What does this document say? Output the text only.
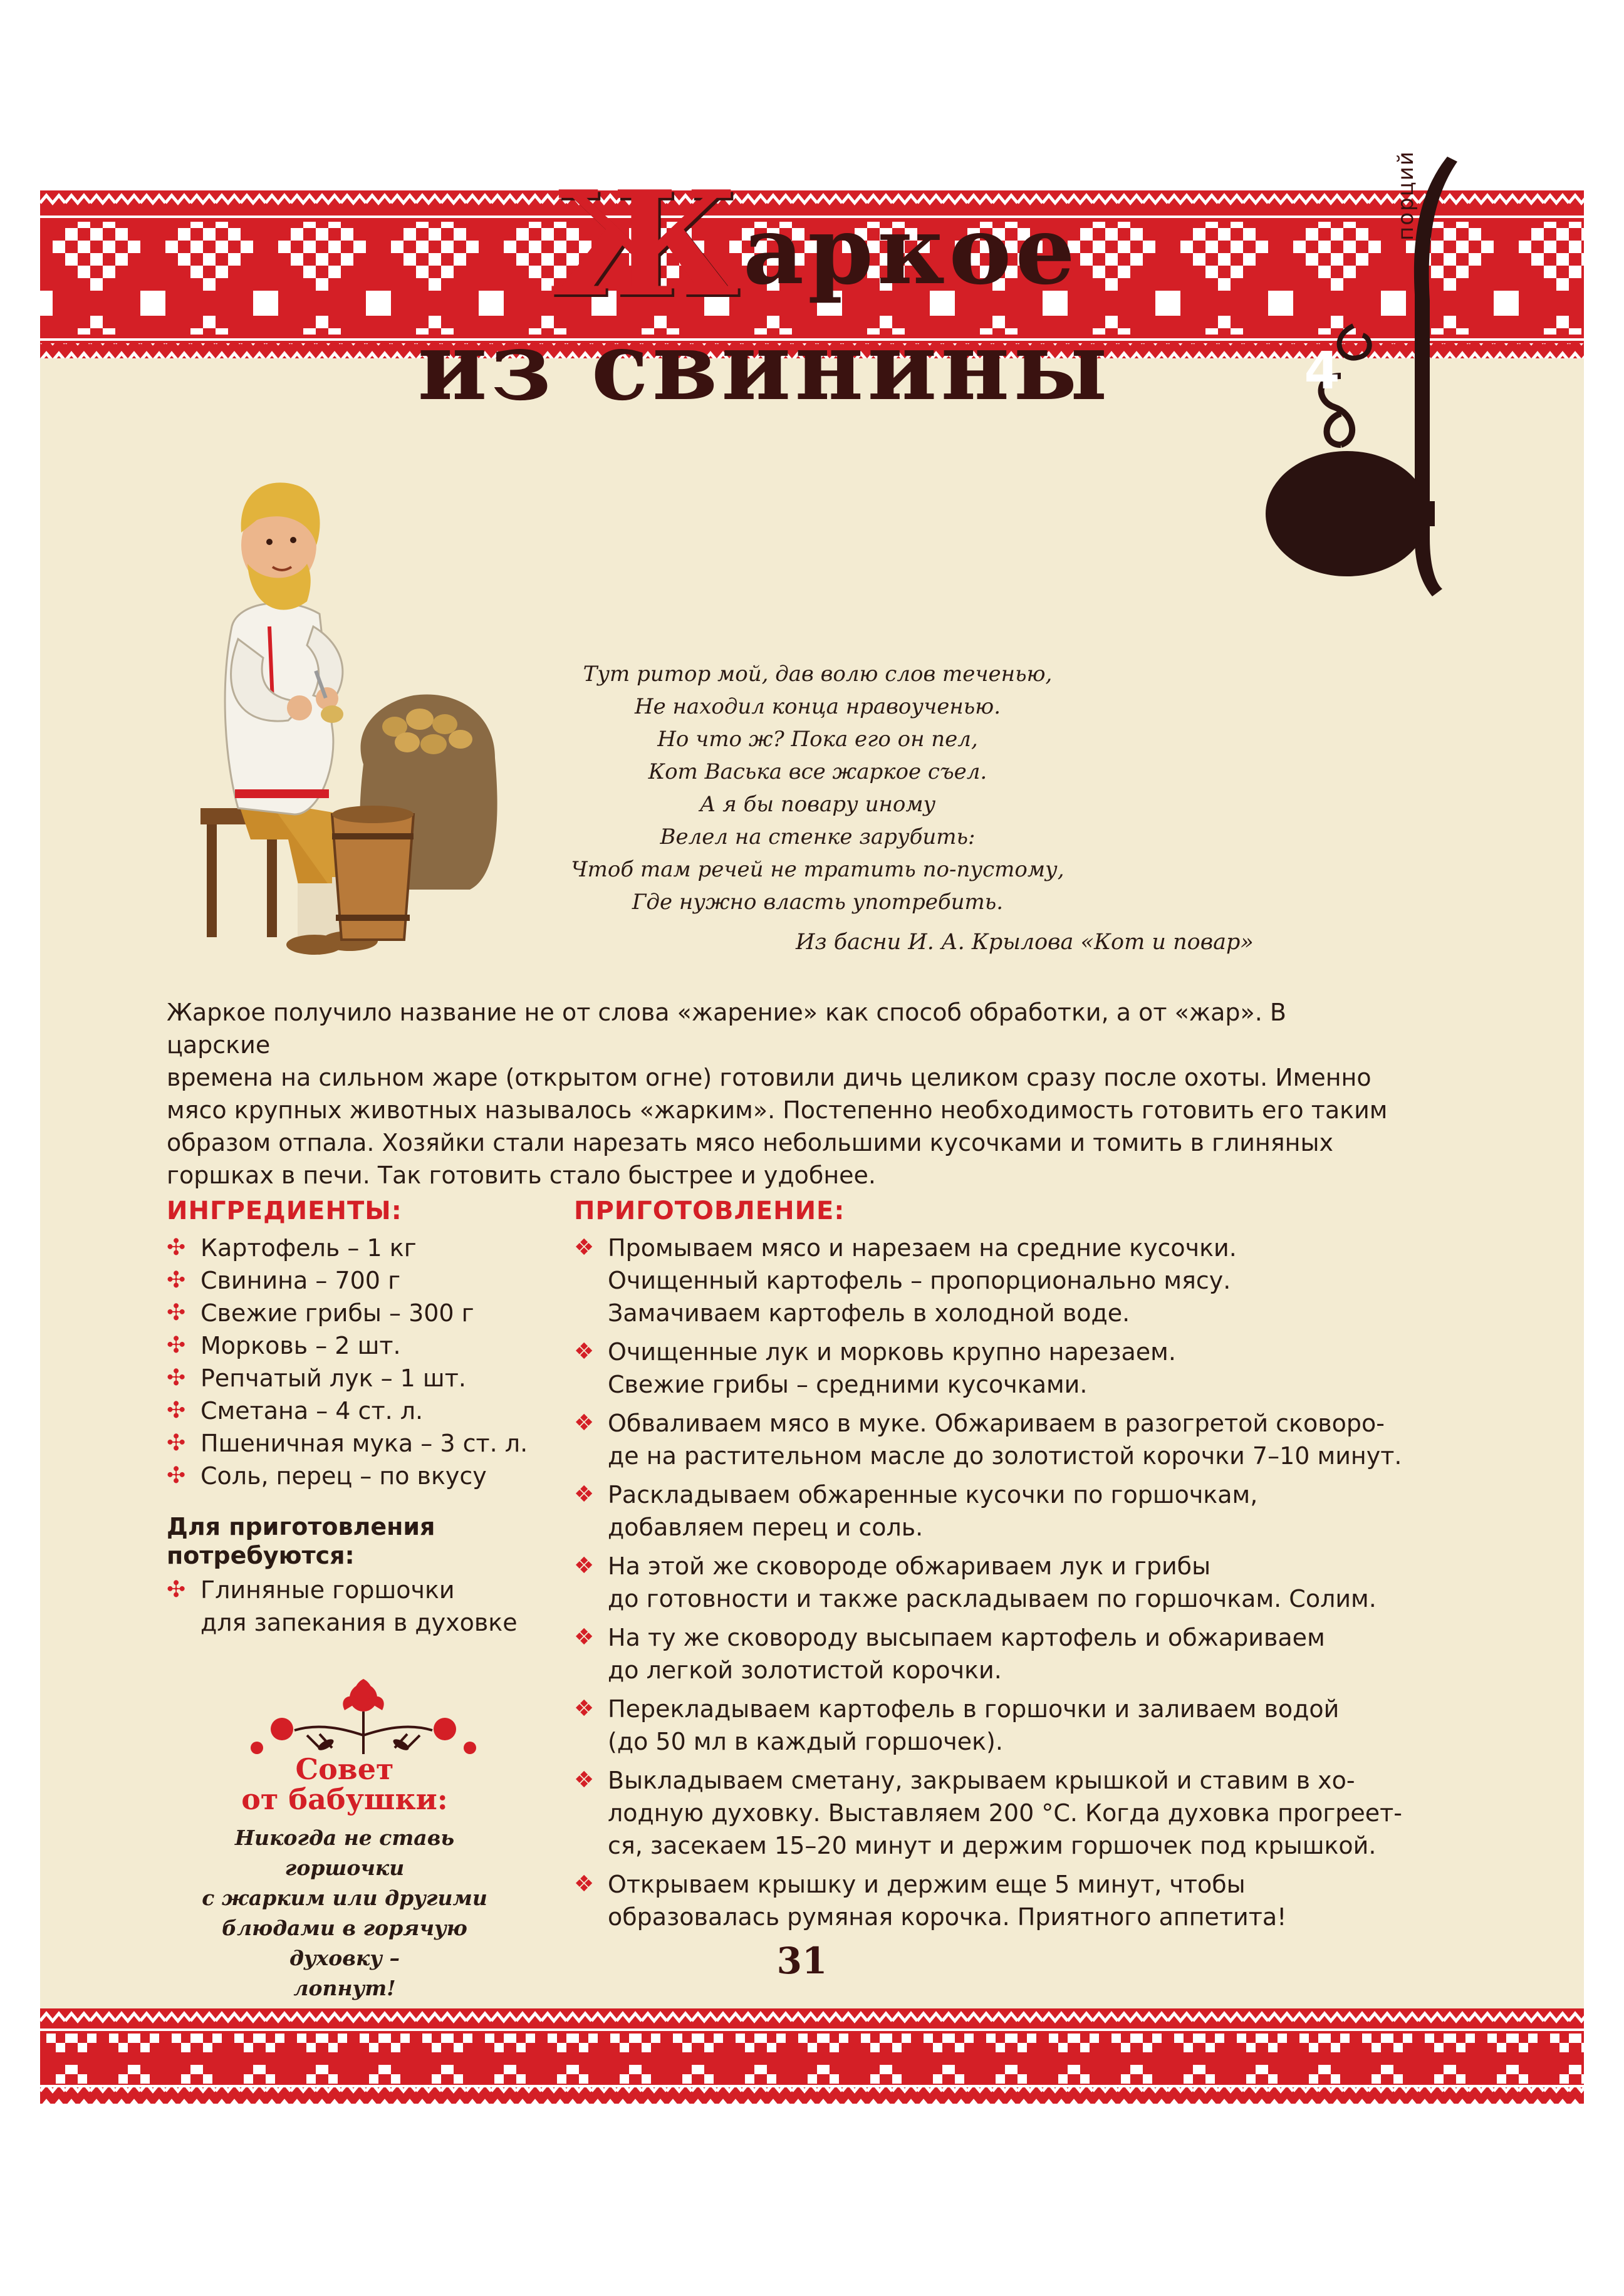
Жаркое
из свинины
порций
4
Тут ритор мой, дав волю слов теченью,
Не находил конца нравоученью.
Но что ж? Пока его он пел,
Кот Васька все жаркое съел.
А я бы повару иному
Велел на стенке зарубить:
Чтоб там речей не тратить по-пустому,
Где нужно власть употребить.
Из басни И. А. Крылова «Кот и повар»
Жаркое получило название не от слова «жарение» как способ обработки, а от «жар». В царские
времена на сильном жаре (открытом огне) готовили дичь целиком сразу после охоты. Именно
мясо крупных животных называлось «жарким». Постепенно необходимость готовить его таким
образом отпала. Хозяйки стали нарезать мясо небольшими кусочками и томить в глиняных
горшках в печи. Так готовить стало быстрее и удобнее.
ИНГРЕДИЕНТЫ:
✣ Картофель – 1 кг
✣ Свинина – 700 г
✣ Свежие грибы – 300 г
✣ Морковь – 2 шт.
✣ Репчатый лук – 1 шт.
✣ Сметана – 4 ст. л.
✣ Пшеничная мука – 3 ст. л.
✣ Соль, перец – по вкусу
Для приготовления
потребуются:
✣ Глиняные горшочки
для запекания в духовке
ПРИГОТОВЛЕНИЕ:
❖ Промываем мясо и нарезаем на средние кусочки.
Очищенный картофель – пропорционально мясу.
Замачиваем картофель в холодной воде.
❖ Очищенные лук и морковь крупно нарезаем.
Свежие грибы – средними кусочками.
❖ Обваливаем мясо в муке. Обжариваем в разогретой сковоро-
де на растительном масле до золотистой корочки 7–10 минут.
❖ Раскладываем обжаренные кусочки по горшочкам,
добавляем перец и соль.
❖ На этой же сковороде обжариваем лук и грибы
до готовности и также раскладываем по горшочкам. Солим.
❖ На ту же сковороду высыпаем картофель и обжариваем
до легкой золотистой корочки.
❖ Перекладываем картофель в горшочки и заливаем водой
(до 50 мл в каждый горшочек).
❖ Выкладываем сметану, закрываем крышкой и ставим в хо-
лодную духовку. Выставляем 200 °С. Когда духовка прогреет-
ся, засекаем 15–20 минут и держим горшочек под крышкой.
❖ Открываем крышку и держим еще 5 минут, чтобы
образовалась румяная корочка. Приятного аппетита!
Совет
от бабушки:
Никогда не ставь горшочки
с жарким или другими
блюдами в горячую духовку –
лопнут!
31
